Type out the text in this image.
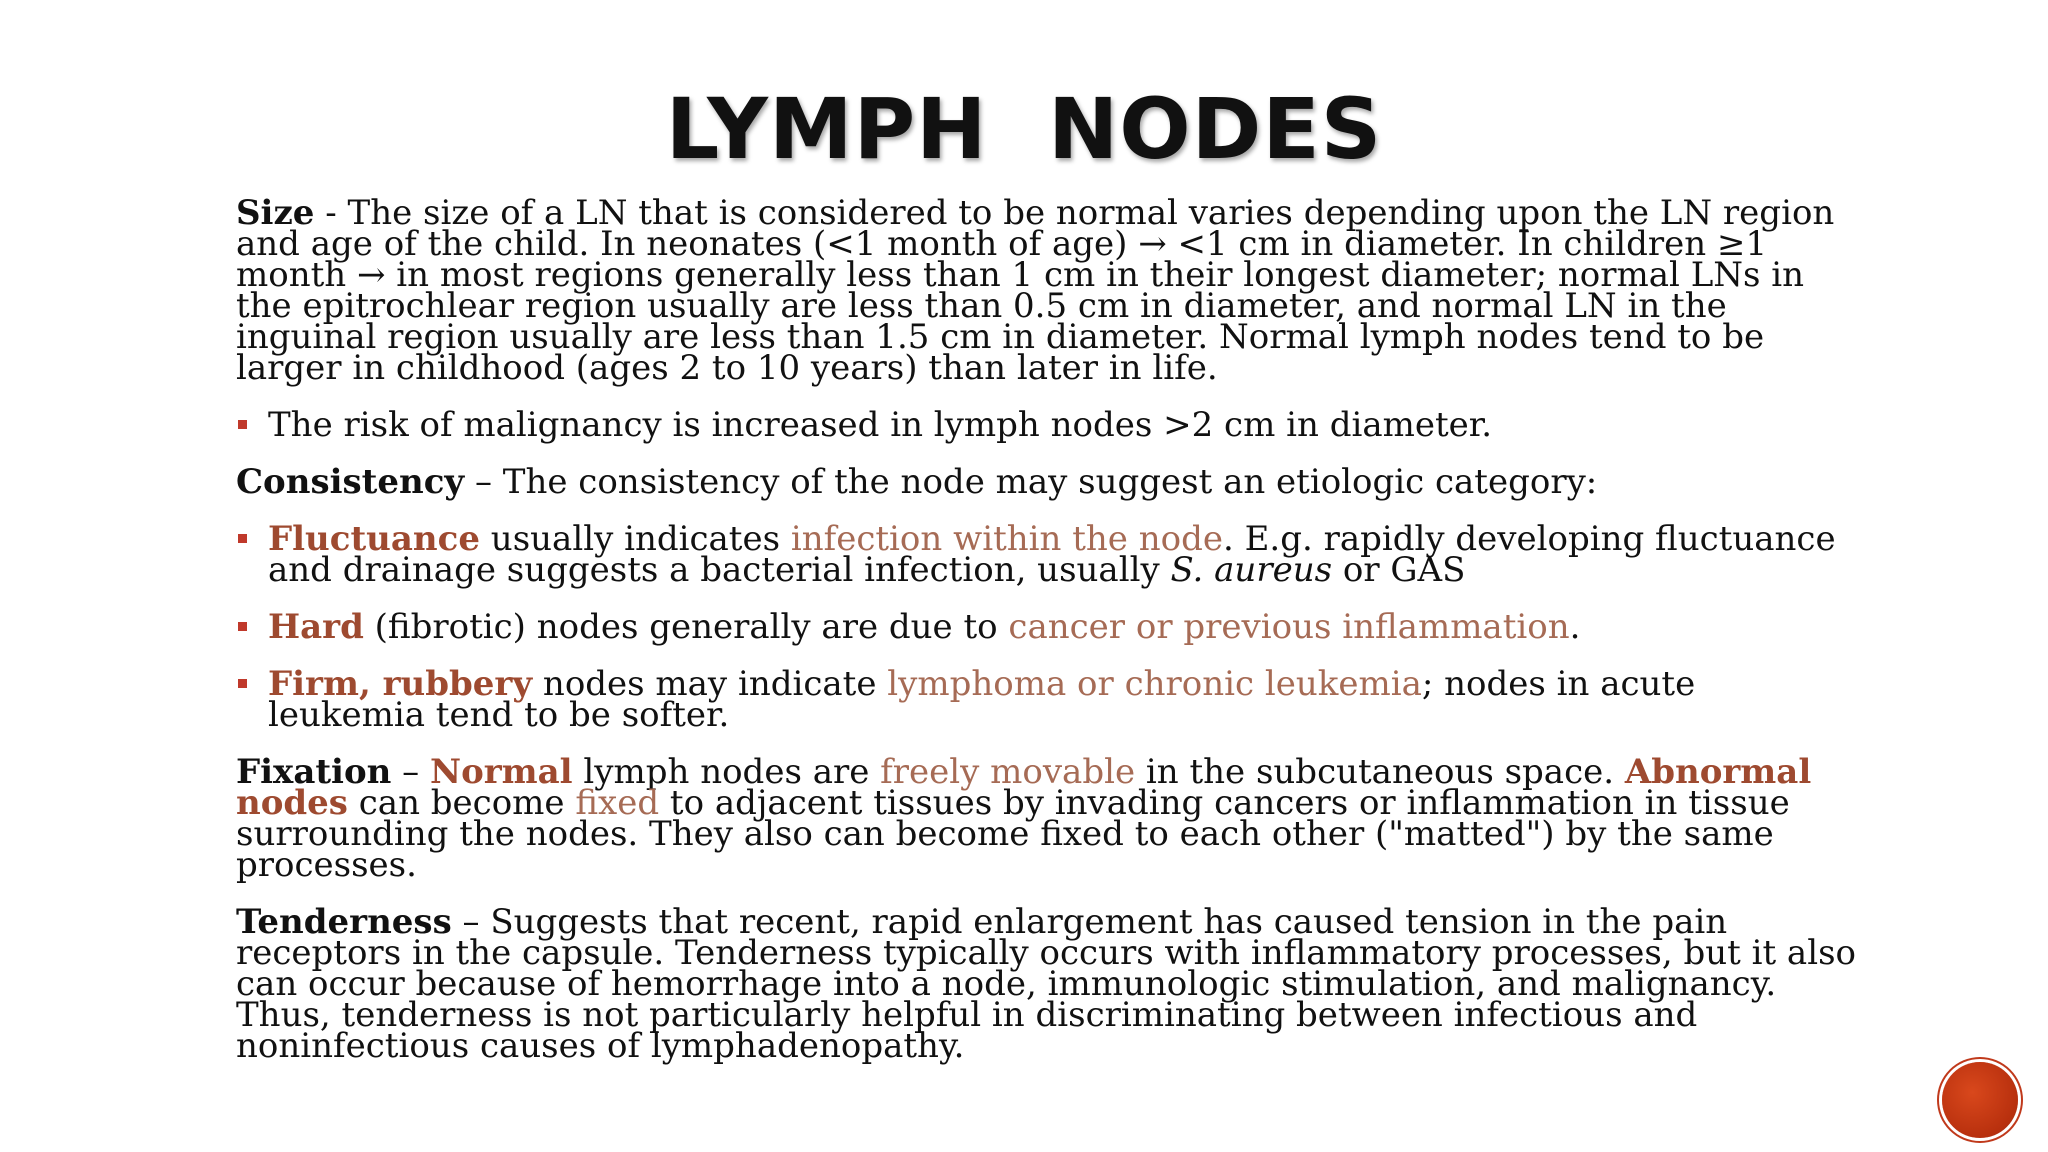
LYMPH  NODES

Size - The size of a LN that is considered to be normal varies depending upon the LN region and age of the child. In neonates (<1 month of age) → <1 cm in diameter. In children ≥1 month → in most regions generally less than 1 cm in their longest diameter; normal LNs in the epitrochlear region usually are less than 0.5 cm in diameter, and normal LN in the inguinal region usually are less than 1.5 cm in diameter. Normal lymph nodes tend to be larger in childhood (ages 2 to 10 years) than later in life.

The risk of malignancy is increased in lymph nodes >2 cm in diameter.

Consistency – The consistency of the node may suggest an etiologic category:

Fluctuance usually indicates infection within the node. E.g. rapidly developing fluctuance and drainage suggests a bacterial infection, usually S. aureus or GAS
Hard (fibrotic) nodes generally are due to cancer or previous inflammation.
Firm, rubbery nodes may indicate lymphoma or chronic leukemia; nodes in acute leukemia tend to be softer.

Fixation – Normal lymph nodes are freely movable in the subcutaneous space. Abnormal nodes can become fixed to adjacent tissues by invading cancers or inflammation in tissue surrounding the nodes. They also can become fixed to each other ("matted") by the same processes.

Tenderness – Suggests that recent, rapid enlargement has caused tension in the pain receptors in the capsule. Tenderness typically occurs with inflammatory processes, but it also can occur because of hemorrhage into a node, immunologic stimulation, and malignancy. Thus, tenderness is not particularly helpful in discriminating between infectious and noninfectious causes of lymphadenopathy.
